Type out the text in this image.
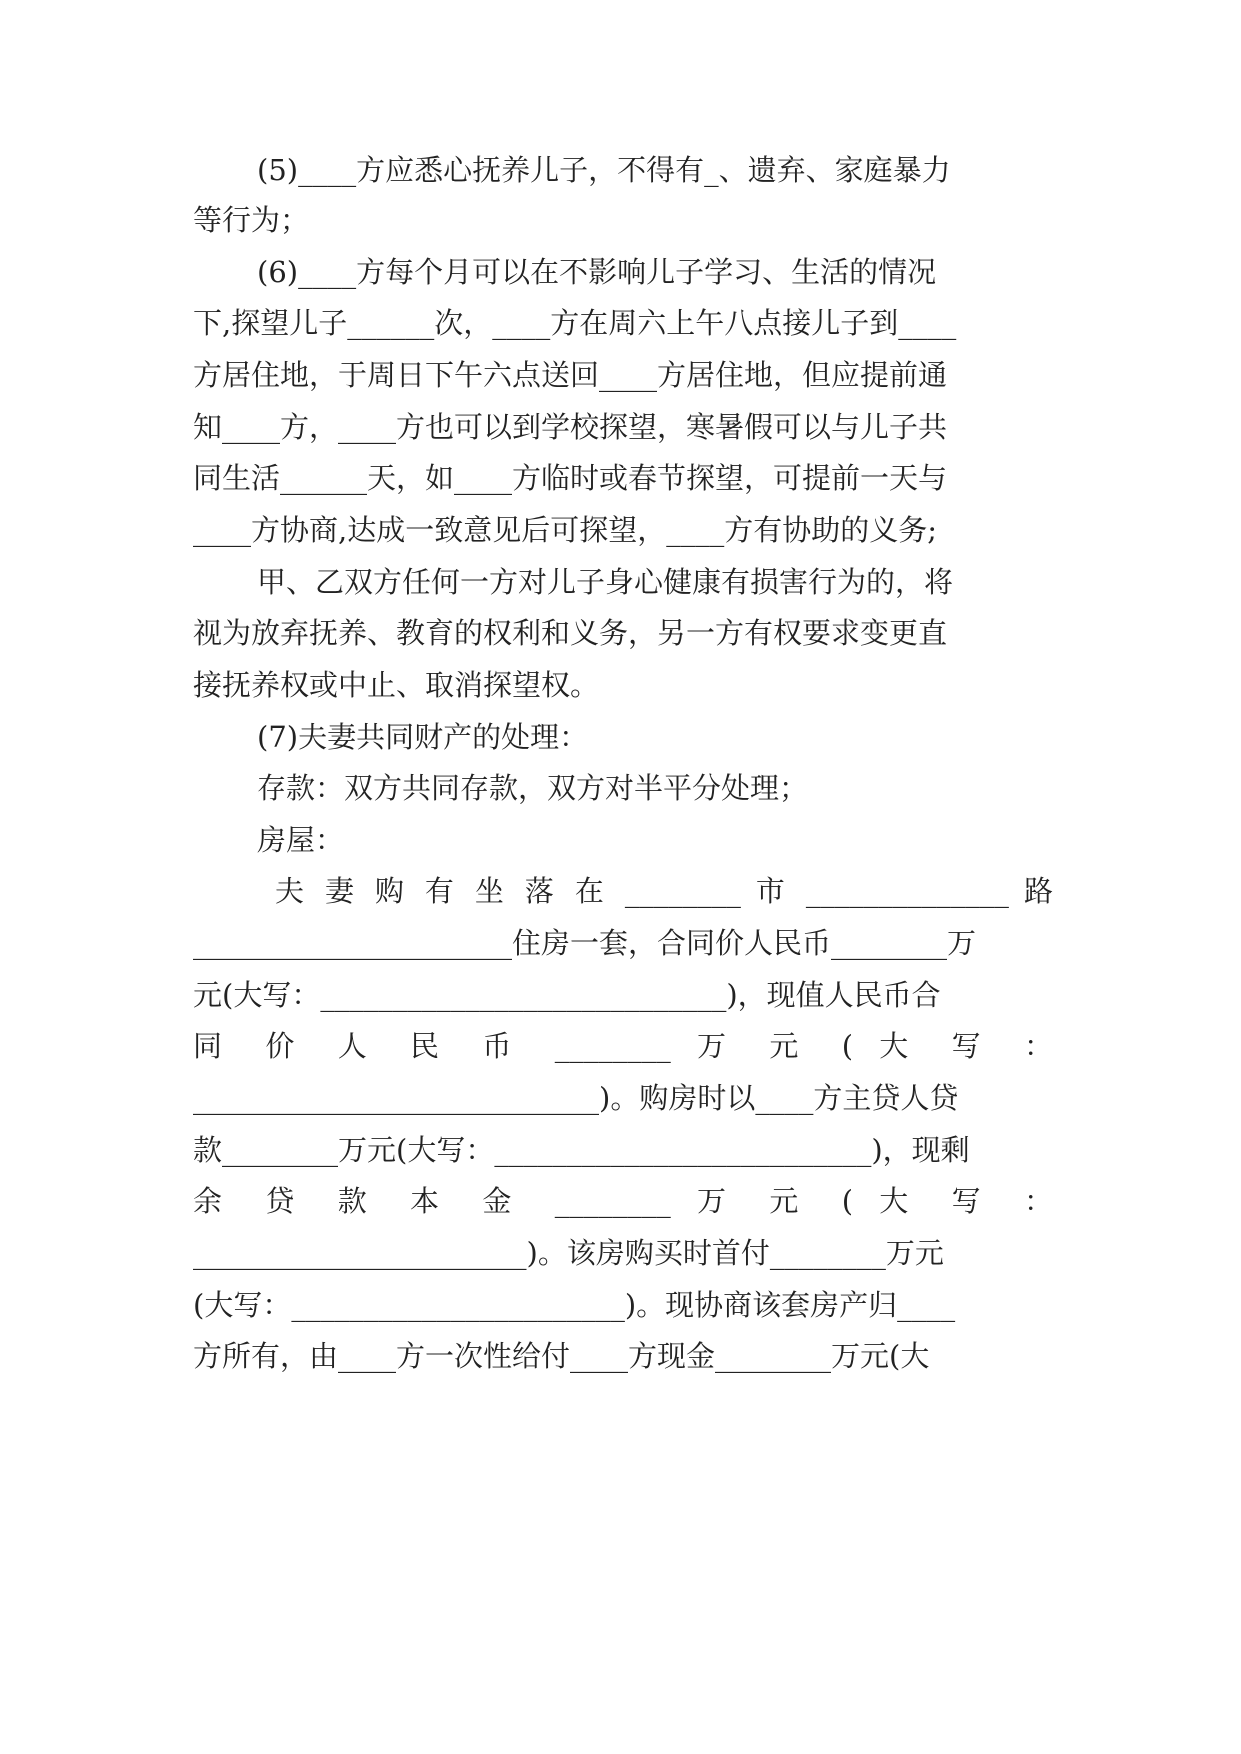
(5)____方应悉心抚养儿子，不得有_、遗弃、家庭暴力
等行为；
(6)____方每个月可以在不影响儿子学习、生活的情况
下,探望儿子______次，____方在周六上午八点接儿子到____
方居住地，于周日下午六点送回____方居住地，但应提前通
知____方，____方也可以到学校探望，寒暑假可以与儿子共
同生活______天，如____方临时或春节探望，可提前一天与
____方协商,达成一致意见后可探望，____方有协助的义务;
甲、乙双方任何一方对儿子身心健康有损害行为的，将
视为放弃抚养、教育的权利和义务，另一方有权要求变更直
接抚养权或中止、取消探望权。
(7)夫妻共同财产的处理：
存款：双方共同存款，双方对半平分处理；
房屋：
夫 妻 购 有 坐 落 在 ________ 市 ______________ 路
______________________住房一套，合同价人民币________万
元(大写：____________________________)，现值人民币合
同 价 人 民 币 ________ 万 元 ( 大 写 ：
____________________________)。购房时以____方主贷人贷
款________万元(大写：__________________________)，现剩
余 贷 款 本 金 ________ 万 元 ( 大 写 ：
_______________________)。该房购买时首付________万元
(大写：_______________________)。现协商该套房产归____
方所有，由____方一次性给付____方现金________万元(大
